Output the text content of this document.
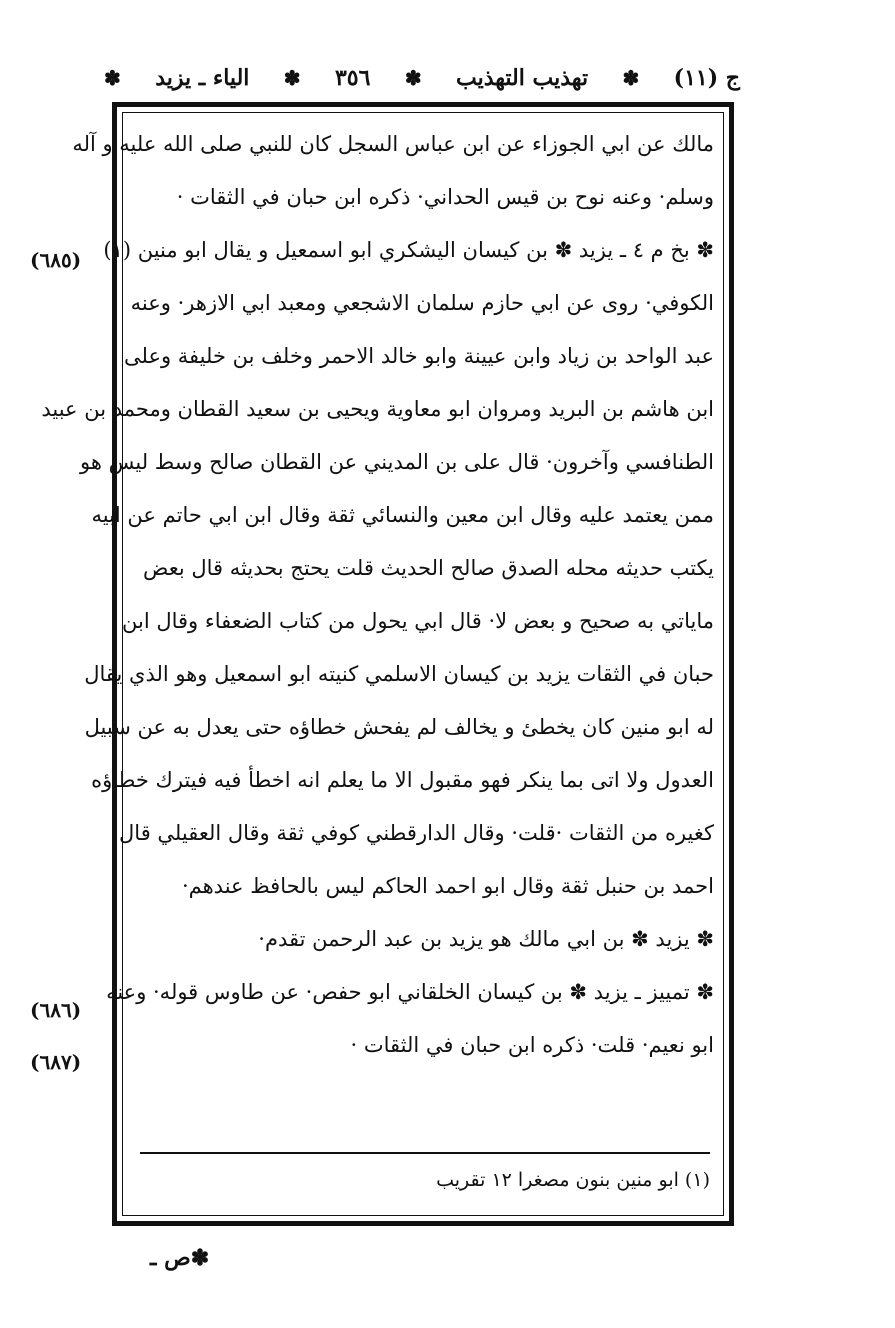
ج (١١)
✽
تهذيب التهذيب
✽
٣٥٦
✽
الياء ـ يزيد
✽
مالك عن ابي الجوزاء عن ابن عباس السجل كان للنبي صلى الله عليه و آله
وسلم· وعنه نوح بن قيس الحداني· ذكره ابن حبان في الثقات ·
✽ بخ م ٤ ـ يزيد ✽ بن كيسان اليشكري ابو اسمعيل و يقال ابو منين (١)
الكوفي· روى عن ابي حازم سلمان الاشجعي ومعبد ابي الازهر· وعنه
عبد الواحد بن زياد وابن عيينة وابو خالد الاحمر وخلف بن خليفة وعلى
ابن هاشم بن البريد ومروان ابو معاوية ويحيى بن سعيد القطان ومحمد بن عبيد
الطنافسي وآخرون· قال على بن المديني عن القطان صالح وسط ليس هو
ممن يعتمد عليه وقال ابن معين والنسائي ثقة وقال ابن ابي حاتم عن ابيه
يكتب حديثه محله الصدق صالح الحديث قلت يحتج بحديثه قال بعض
ماياتي به صحيح و بعض لا· قال ابي يحول من كتاب الضعفاء وقال ابن
حبان في الثقات يزيد بن كيسان الاسلمي كنيته ابو اسمعيل وهو الذي يقال
له ابو منين كان يخطئ و يخالف لم يفحش خطاؤه حتى يعدل به عن سبيل
العدول ولا اتى بما ينكر فهو مقبول الا ما يعلم انه اخطأ فيه فيترك خطاؤه
كغيره من الثقات ·قلت· وقال الدارقطني كوفي ثقة وقال العقيلي قال
احمد بن حنبل ثقة وقال ابو احمد الحاكم ليس بالحافظ عندهم·
✽ يزيد ✽ بن ابي مالك هو يزيد بن عبد الرحمن تقدم·
✽ تمييز ـ يزيد ✽ بن كيسان الخلقاني ابو حفص· عن طاوس قوله· وعنه
ابو نعيم· قلت· ذكره ابن حبان في الثقات ·
(٦٨٥)
(٦٨٦)
(٦٨٧)
(١) ابو منين بنون مصغرا ١٢ تقريب
✽ص ـ
